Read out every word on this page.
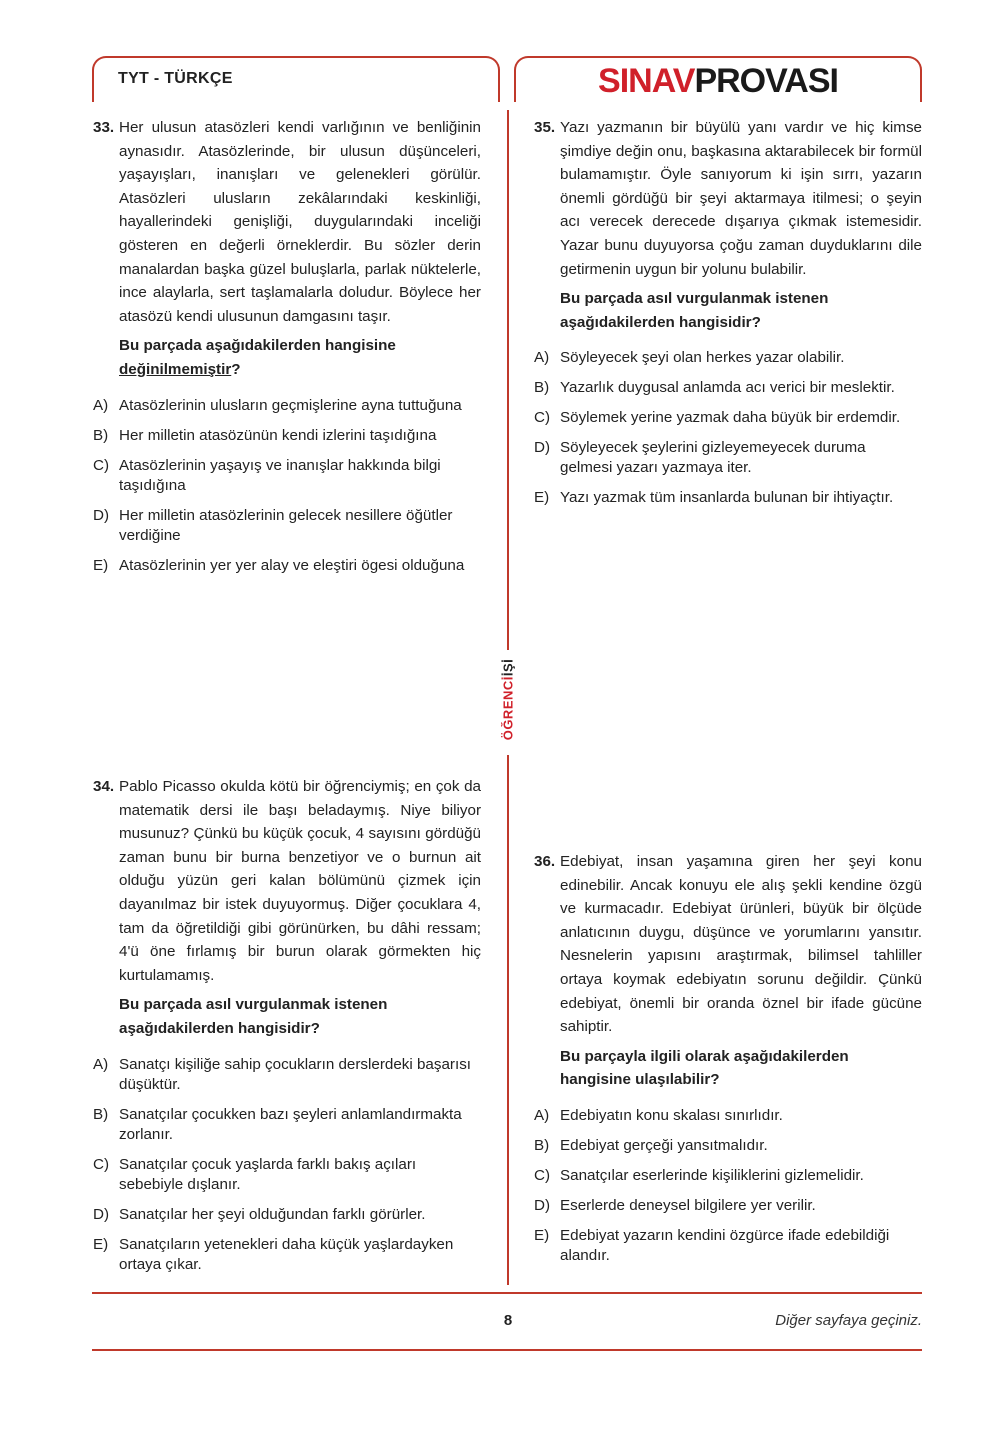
TYT - TÜRKÇE	SINAVPROVASI
ÖĞRENCİİŞİ
33. Her ulusun atasözleri kendi varlığının ve benliğinin aynasıdır. Atasözlerinde, bir ulusun düşünceleri, yaşayışları, inanışları ve gelenekleri görülür. Atasözleri ulusların zekâlarındaki keskinliği, hayallerindeki genişliği, duygularındaki inceliği gösteren en değerli örneklerdir. Bu sözler derin manalardan başka güzel buluşlarla, parlak nüktelerle, ince alaylarla, sert taşlamalarla doludur. Böylece her atasözü kendi ulusunun damgasını taşır.

Bu parçada aşağıdakilerden hangisine değinilmemiştir?

A) Atasözlerinin ulusların geçmişlerine ayna tuttuğuna
B) Her milletin atasözünün kendi izlerini taşıdığına
C) Atasözlerinin yaşayış ve inanışlar hakkında bilgi taşıdığına
D) Her milletin atasözlerinin gelecek nesillere öğütler verdiğine
E) Atasözlerinin yer yer alay ve eleştiri ögesi olduğuna
34. Pablo Picasso okulda kötü bir öğrenciymiş; en çok da matematik dersi ile başı beladaymış. Niye biliyor musunuz? Çünkü bu küçük çocuk, 4 sayısını gördüğü zaman bunu bir burna benzetiyor ve o burnun ait olduğu yüzün geri kalan bölümünü çizmek için dayanılmaz bir istek duyuyormuş. Diğer çocuklara 4, tam da öğretildiği gibi görünürken, bu dâhi ressam; 4'ü öne fırlamış bir burun olarak görmekten hiç kurtulamamış.

Bu parçada asıl vurgulanmak istenen aşağıdakilerden hangisidir?

A) Sanatçı kişiliğe sahip çocukların derslerdeki başarısı düşüktür.
B) Sanatçılar çocukken bazı şeyleri anlamlandırmakta zorlanır.
C) Sanatçılar çocuk yaşlarda farklı bakış açıları sebebiyle dışlanır.
D) Sanatçılar her şeyi olduğundan farklı görürler.
E) Sanatçıların yetenekleri daha küçük yaşlardayken ortaya çıkar.
35. Yazı yazmanın bir büyülü yanı vardır ve hiç kimse şimdiye değin onu, başkasına aktarabilecek bir formül bulamamıştır. Öyle sanıyorum ki işin sırrı, yazarın önemli gördüğü bir şeyi aktarmaya itilmesi; o şeyin acı verecek derecede dışarıya çıkmak istemesidir. Yazar bunu duyuyorsa çoğu zaman duyduklarını dile getirmenin uygun bir yolunu bulabilir.

Bu parçada asıl vurgulanmak istenen aşağıdakilerden hangisidir?

A) Söyleyecek şeyi olan herkes yazar olabilir.
B) Yazarlık duygusal anlamda acı verici bir meslektir.
C) Söylemek yerine yazmak daha büyük bir erdemdir.
D) Söyleyecek şeylerini gizleyemeyecek duruma gelmesi yazarı yazmaya iter.
E) Yazı yazmak tüm insanlarda bulunan bir ihtiyaçtır.
36. Edebiyat, insan yaşamına giren her şeyi konu edinebilir. Ancak konuyu ele alış şekli kendine özgü ve kurmacadır. Edebiyat ürünleri, büyük bir ölçüde anlatıcının duygu, düşünce ve yorumlarını yansıtır. Nesnelerin yapısını araştırmak, bilimsel tahliller ortaya koymak edebiyatın sorunu değildir. Çünkü edebiyat, önemli bir oranda öznel bir ifade gücüne sahiptir.

Bu parçayla ilgili olarak aşağıdakilerden hangisine ulaşılabilir?

A) Edebiyatın konu skalası sınırlıdır.
B) Edebiyat gerçeği yansıtmalıdır.
C) Sanatçılar eserlerinde kişiliklerini gizlemelidir.
D) Eserlerde deneysel bilgilere yer verilir.
E) Edebiyat yazarın kendini özgürce ifade edebildiği alandır.
8	Diğer sayfaya geçiniz.
